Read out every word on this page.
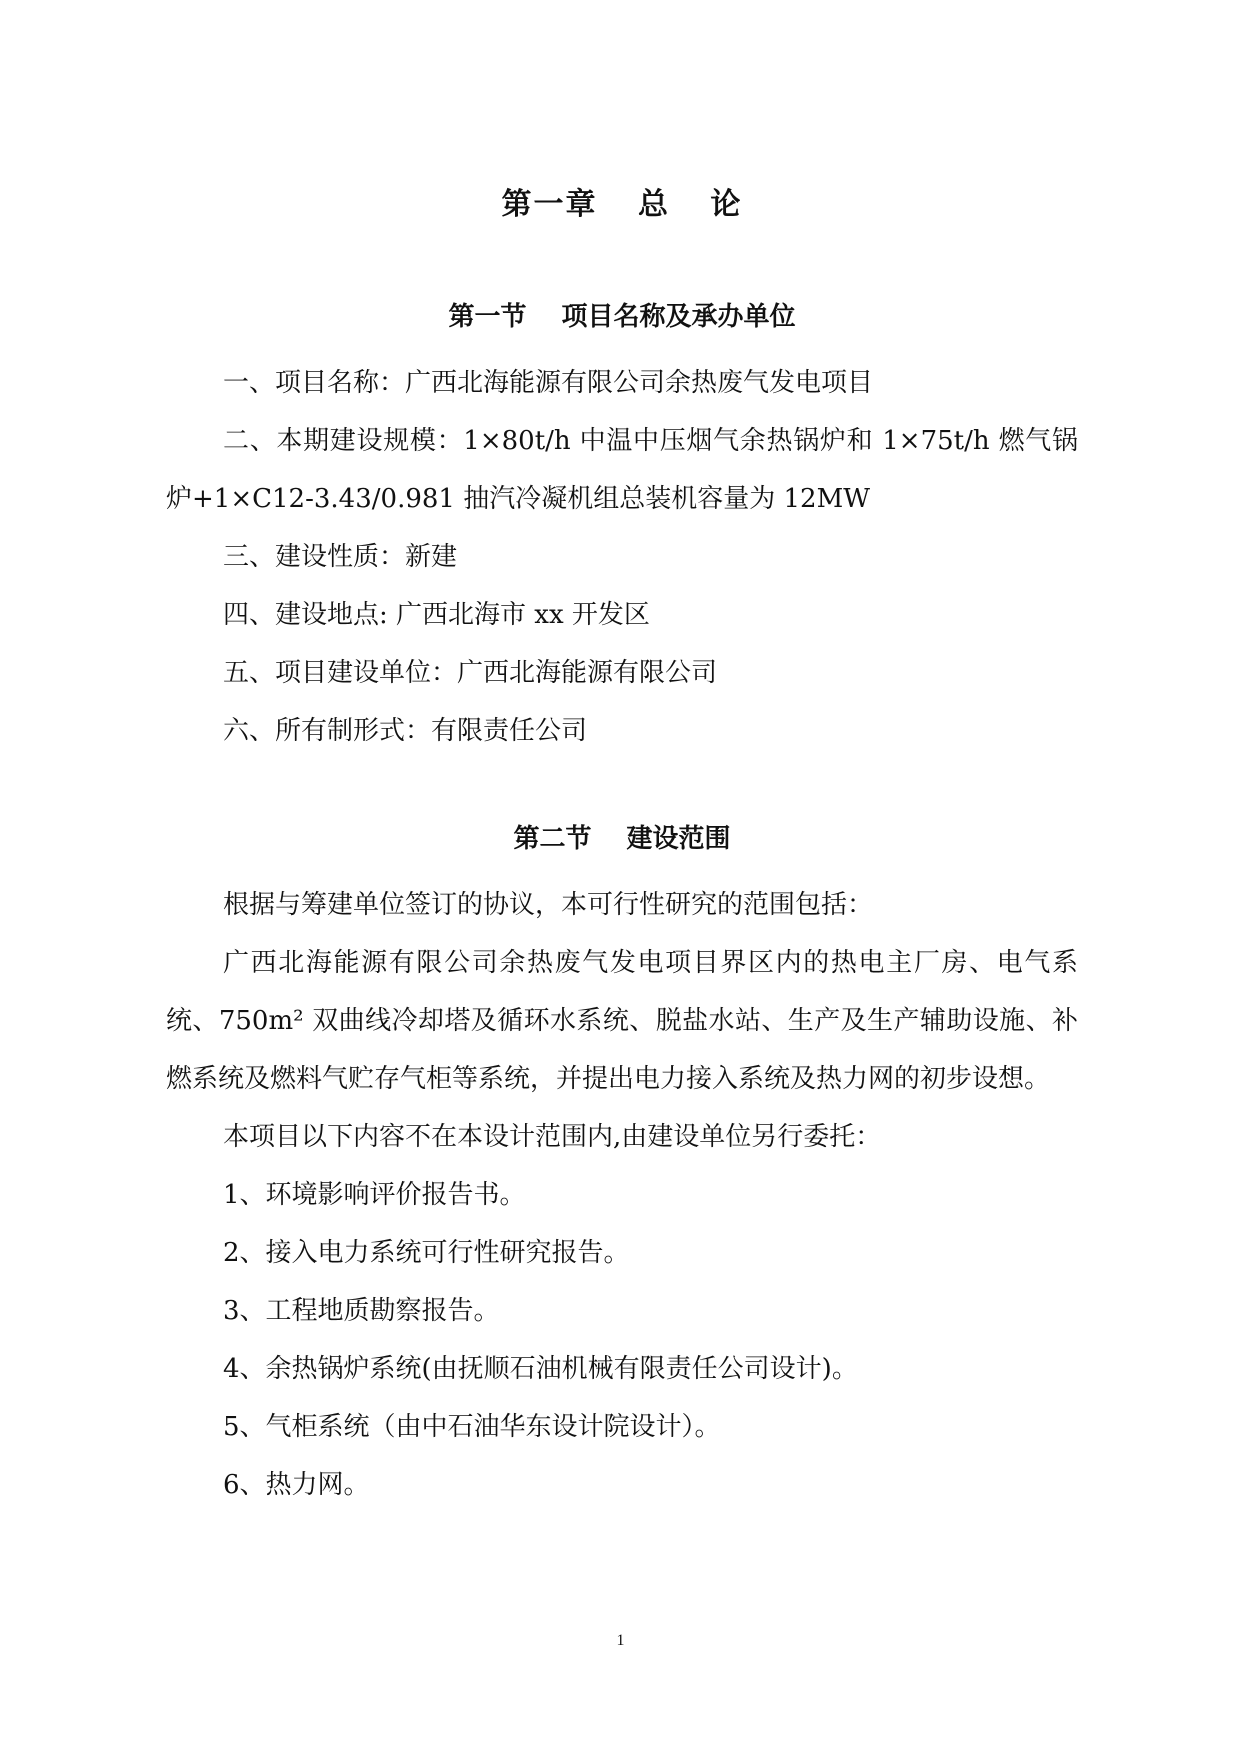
第一章 总 论
第一节 项目名称及承办单位

一、项目名称：广西北海能源有限公司余热废气发电项目

二、本期建设规模：1×80t/h 中温中压烟气余热锅炉和 1×75t/h 燃气锅炉+1×C12-3.43/0.981 抽汽冷凝机组总装机容量为 12MW

三、建设性质：新建

四、建设地点: 广西北海市 xx 开发区

五、项目建设单位：广西北海能源有限公司

六、所有制形式：有限责任公司

第二节 建设范围

根据与筹建单位签订的协议，本可行性研究的范围包括：

广西北海能源有限公司余热废气发电项目界区内的热电主厂房、电气系统、750m² 双曲线冷却塔及循环水系统、脱盐水站、生产及生产辅助设施、补燃系统及燃料气贮存气柜等系统，并提出电力接入系统及热力网的初步设想。

本项目以下内容不在本设计范围内,由建设单位另行委托：

1、环境影响评价报告书。

2、接入电力系统可行性研究报告。

3、工程地质勘察报告。

4、余热锅炉系统(由抚顺石油机械有限责任公司设计)。

5、气柜系统（由中石油华东设计院设计）。

6、热力网。

1
